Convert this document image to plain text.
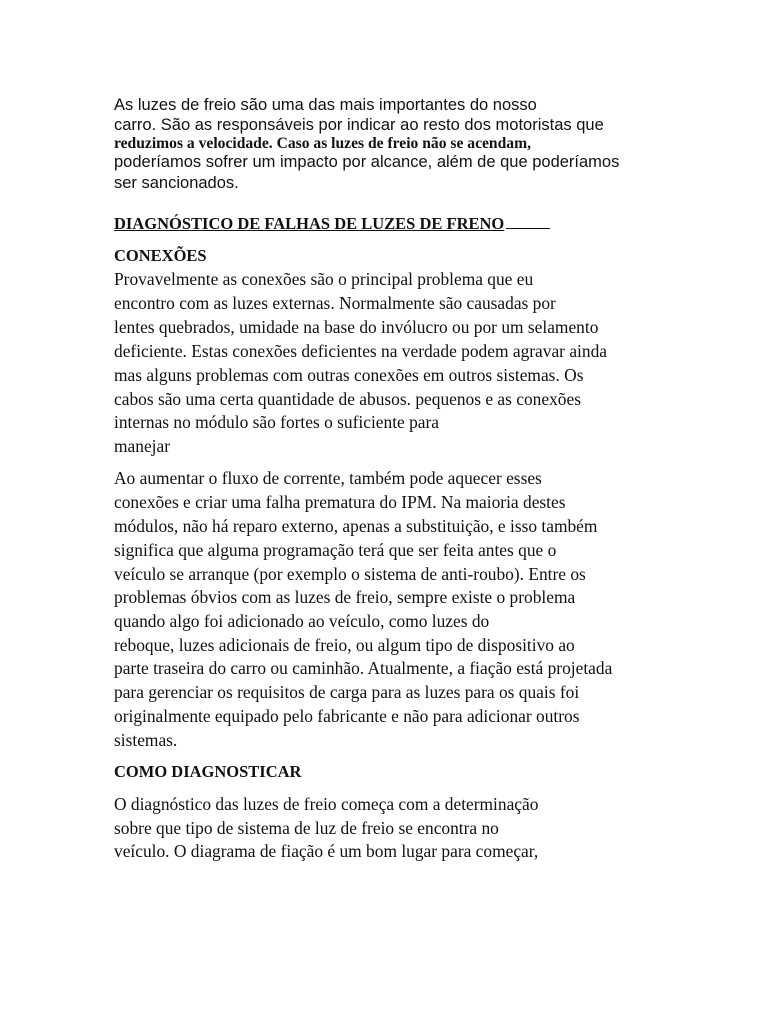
As luzes de freio são uma das mais importantes do nosso
carro. São as responsáveis por indicar ao resto dos motoristas que
reduzimos a velocidade. Caso as luzes de freio não se acendam,
poderíamos sofrer um impacto por alcance, além de que poderíamos
ser sancionados.
DIAGNÓSTICO DE FALHAS DE LUZES DE FRENO
CONEXÕES
Provavelmente as conexões são o principal problema que eu
encontro com as luzes externas. Normalmente são causadas por
lentes quebrados, umidade na base do invólucro ou por um selamento
deficiente. Estas conexões deficientes na verdade podem agravar ainda
mas alguns problemas com outras conexões em outros sistemas. Os
cabos são uma certa quantidade de abusos. pequenos e as conexões
internas no módulo são fortes o suficiente para
manejar
Ao aumentar o fluxo de corrente, também pode aquecer esses
conexões e criar uma falha prematura do IPM. Na maioria destes
módulos, não há reparo externo, apenas a substituição, e isso também
significa que alguma programação terá que ser feita antes que o
veículo se arranque (por exemplo o sistema de anti-roubo). Entre os
problemas óbvios com as luzes de freio, sempre existe o problema
quando algo foi adicionado ao veículo, como luzes do
reboque, luzes adicionais de freio, ou algum tipo de dispositivo ao
parte traseira do carro ou caminhão. Atualmente, a fiação está projetada
para gerenciar os requisitos de carga para as luzes para os quais foi
originalmente equipado pelo fabricante e não para adicionar outros
sistemas.
COMO DIAGNOSTICAR
O diagnóstico das luzes de freio começa com a determinação
sobre que tipo de sistema de luz de freio se encontra no
veículo. O diagrama de fiação é um bom lugar para começar,
